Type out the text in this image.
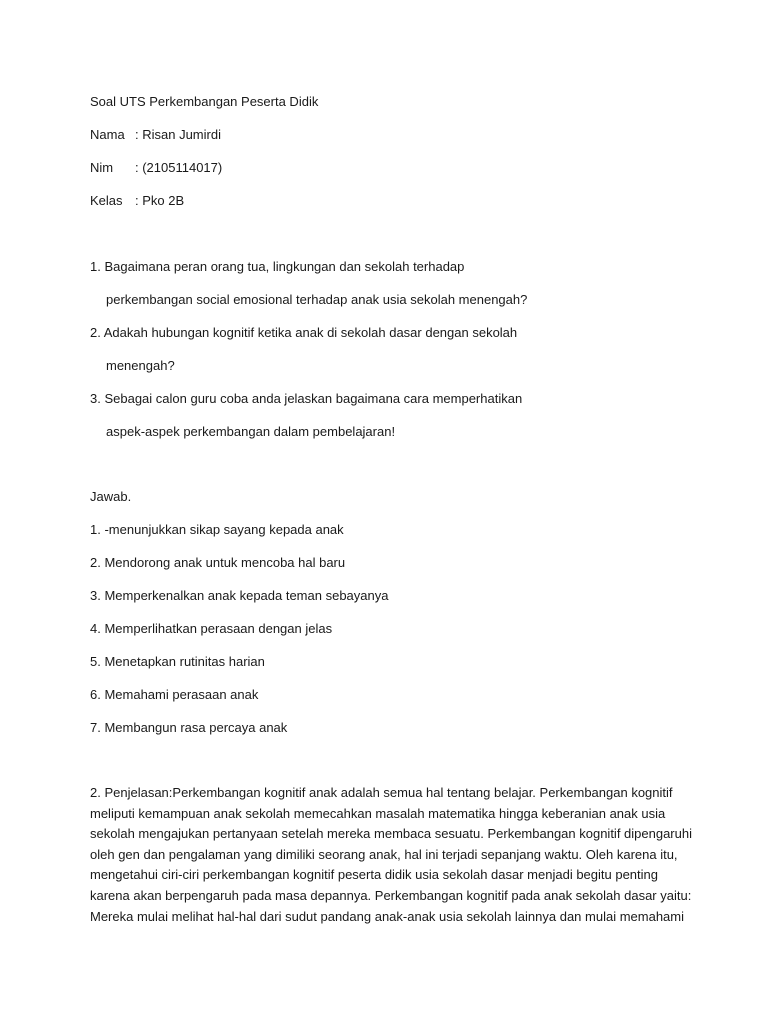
Soal UTS Perkembangan Peserta Didik
Nama : Risan Jumirdi
Nim : (2105114017)
Kelas : Pko 2B
1. Bagaimana peran orang tua, lingkungan dan sekolah terhadap
perkembangan social emosional terhadap anak usia sekolah menengah?
2. Adakah hubungan kognitif ketika anak di sekolah dasar dengan sekolah
menengah?
3. Sebagai calon guru coba anda jelaskan bagaimana cara memperhatikan
aspek-aspek perkembangan dalam pembelajaran!
Jawab.
1. -menunjukkan sikap sayang kepada anak
2. Mendorong anak untuk mencoba hal baru
3. Memperkenalkan anak kepada teman sebayanya
4. Memperlihatkan perasaan dengan jelas
5. Menetapkan rutinitas harian
6. Memahami perasaan anak
7. Membangun rasa percaya anak
2. Penjelasan:Perkembangan kognitif anak adalah semua hal tentang belajar. Perkembangan kognitif
meliputi kemampuan anak sekolah memecahkan masalah matematika hingga keberanian anak usia
sekolah mengajukan pertanyaan setelah mereka membaca sesuatu. Perkembangan kognitif dipengaruhi
oleh gen dan pengalaman yang dimiliki seorang anak, hal ini terjadi sepanjang waktu. Oleh karena itu,
mengetahui ciri-ciri perkembangan kognitif peserta didik usia sekolah dasar menjadi begitu penting
karena akan berpengaruh pada masa depannya. Perkembangan kognitif pada anak sekolah dasar yaitu:
Mereka mulai melihat hal-hal dari sudut pandang anak-anak usia sekolah lainnya dan mulai memahami
